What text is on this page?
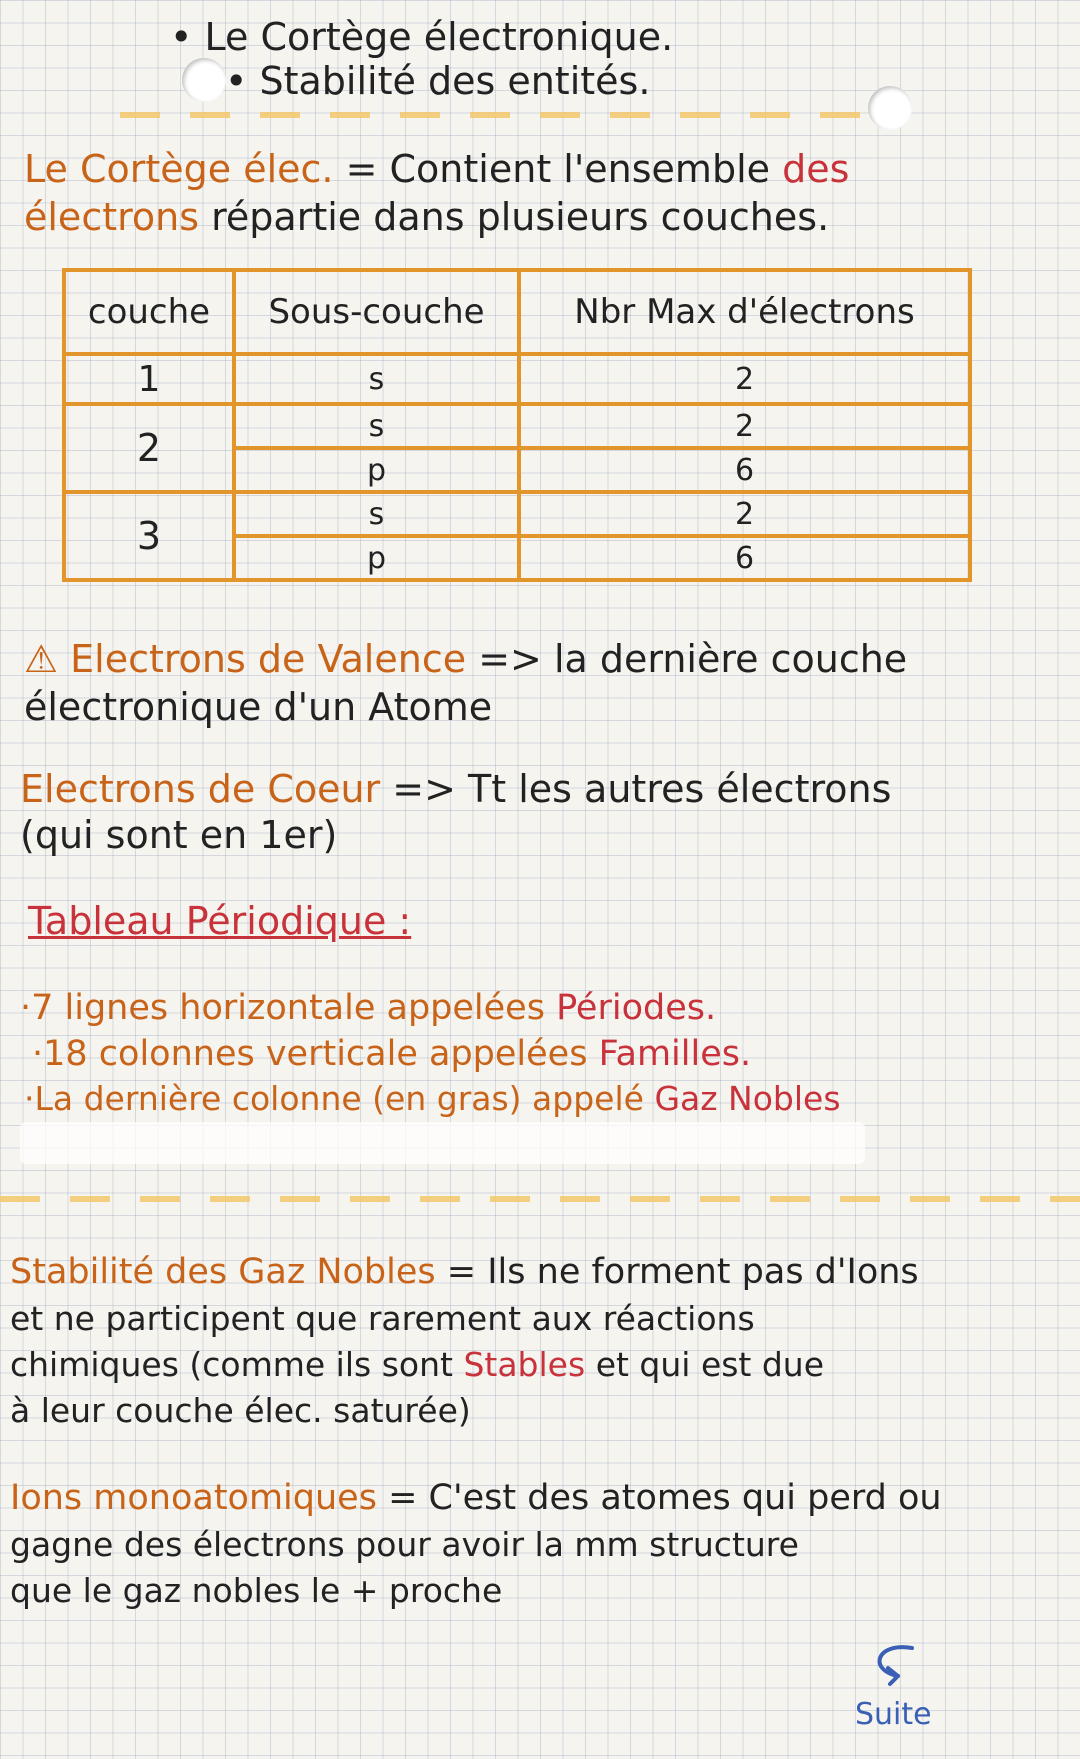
• Le Cortège électronique.
• Stabilité des entités.
Le Cortège élec. = Contient l'ensemble des
électrons répartie dans plusieurs couches.
couche	Sous-couche	Nbr Max d'électrons
1	s	2
2	s	2
	p	6
3	s	2
	p	6
⚠ Electrons de Valence => la dernière couche
électronique d'un Atome
Electrons de Coeur => Tt les autres électrons
(qui sont en 1er)
Tableau Périodique :
·7 lignes horizontale appelées Périodes.
·18 colonnes verticale appelées Familles.
·La dernière colonne (en gras) appelé Gaz Nobles
Stabilité des Gaz Nobles = Ils ne forment pas d'Ions
et ne participent que rarement aux réactions
chimiques (comme ils sont Stables et qui est due
à leur couche élec. saturée)
Ions monoatomiques = C'est des atomes qui perd ou
gagne des électrons pour avoir la mm structure
que le gaz nobles le + proche
Suite
